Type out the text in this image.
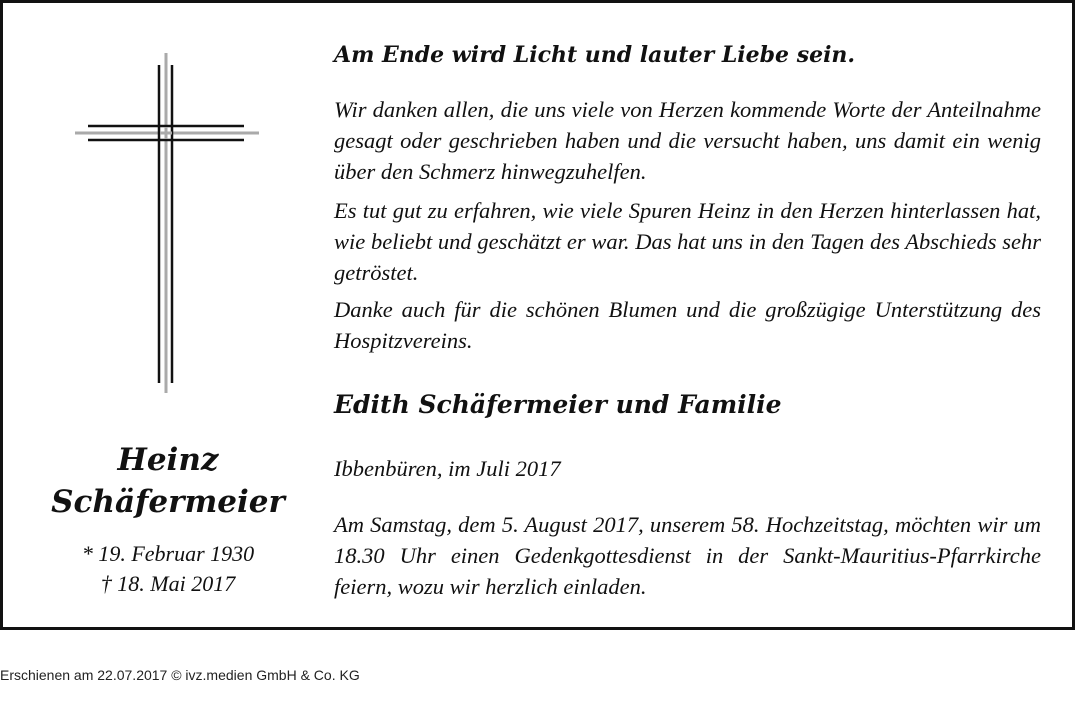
Heinz
Schäfermeier
* 19. Februar 1930
† 18. Mai 2017
Am Ende wird Licht und lauter Liebe sein.

Wir danken allen, die uns viele von Herzen kommende Worte der Anteilnahme gesagt oder geschrieben haben und die versucht haben, uns damit ein wenig über den Schmerz hinwegzuhelfen.

Es tut gut zu erfahren, wie viele Spuren Heinz in den Herzen hinterlassen hat, wie beliebt und geschätzt er war. Das hat uns in den Tagen des Abschieds sehr getröstet.

Danke auch für die schönen Blumen und die großzügige Unterstützung des Hospitzvereins.

Edith Schäfermeier und Familie
Ibbenbüren, im Juli 2017

Am Samstag, dem 5. August 2017, unserem 58. Hochzeitstag, möchten wir um 18.30 Uhr einen Gedenkgottesdienst in der Sankt-Mauritius-Pfarrkirche feiern, wozu wir herzlich einladen.

Erschienen am 22.07.2017 © ivz.medien GmbH & Co. KG
